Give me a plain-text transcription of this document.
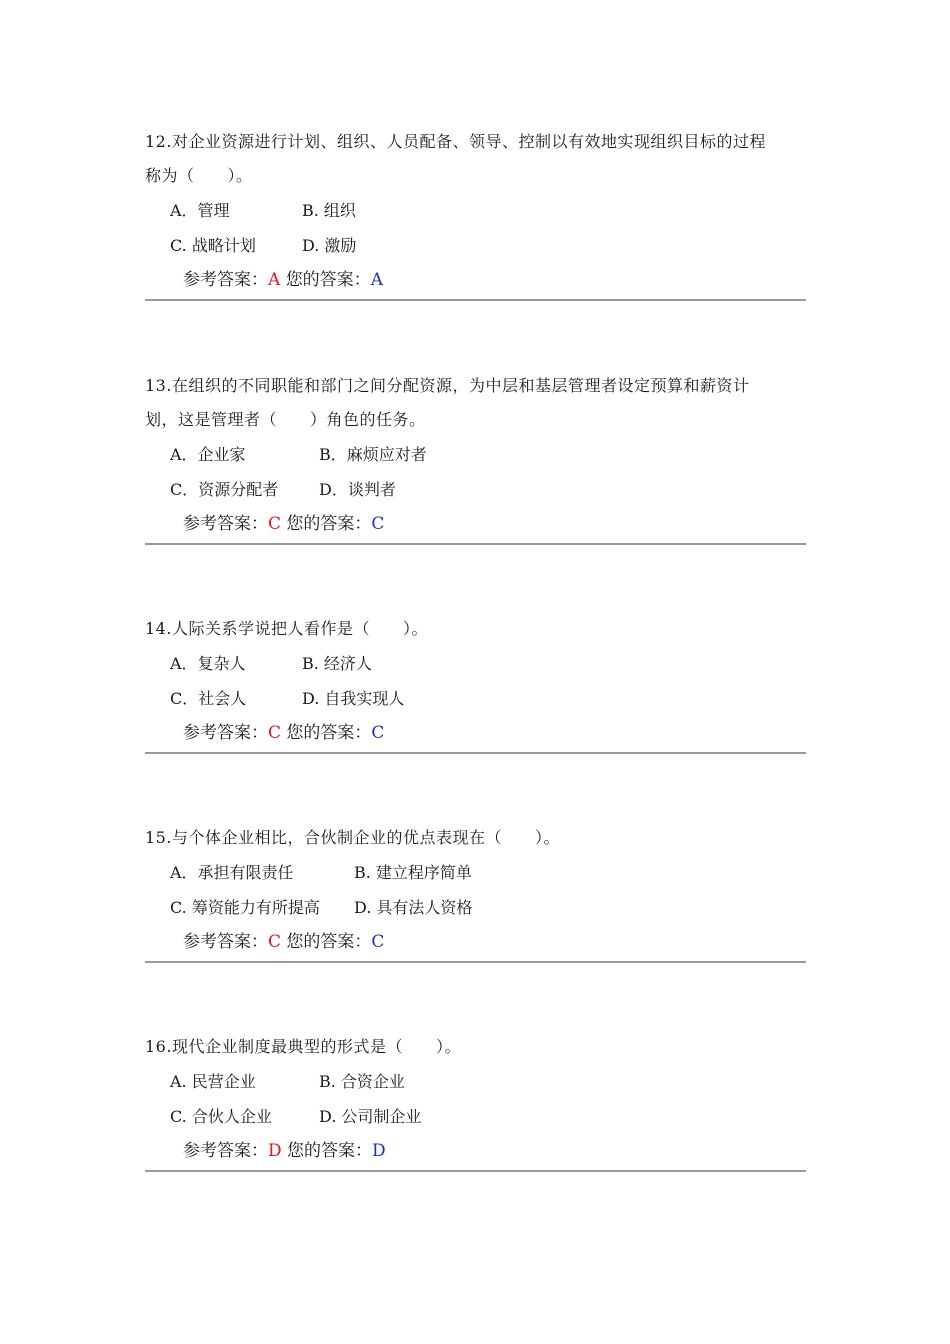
12.对企业资源进行计划、组织、人员配备、领导、控制以有效地实现组织目标的过程
称为（　　）。

A．管理	B. 组织
C. 战略计划	D. 激励
参考答案：A 您的答案：A

13.在组织的不同职能和部门之间分配资源，为中层和基层管理者设定预算和薪资计
划，这是管理者（　　）角色的任务。

A．企业家	B．麻烦应对者
C．资源分配者	D．谈判者
参考答案：C 您的答案：C

14.人际关系学说把人看作是（　　）。

A．复杂人	B. 经济人
C．社会人	D. 自我实现人
参考答案：C 您的答案：C

15.与个体企业相比，合伙制企业的优点表现在（　　）。

A．承担有限责任	B. 建立程序简单
C. 筹资能力有所提高 D. 具有法人资格
参考答案：C 您的答案：C

16.现代企业制度最典型的形式是（　　）。

A. 民营企业	B. 合资企业
C. 合伙人企业	D. 公司制企业
参考答案：D 您的答案：D
